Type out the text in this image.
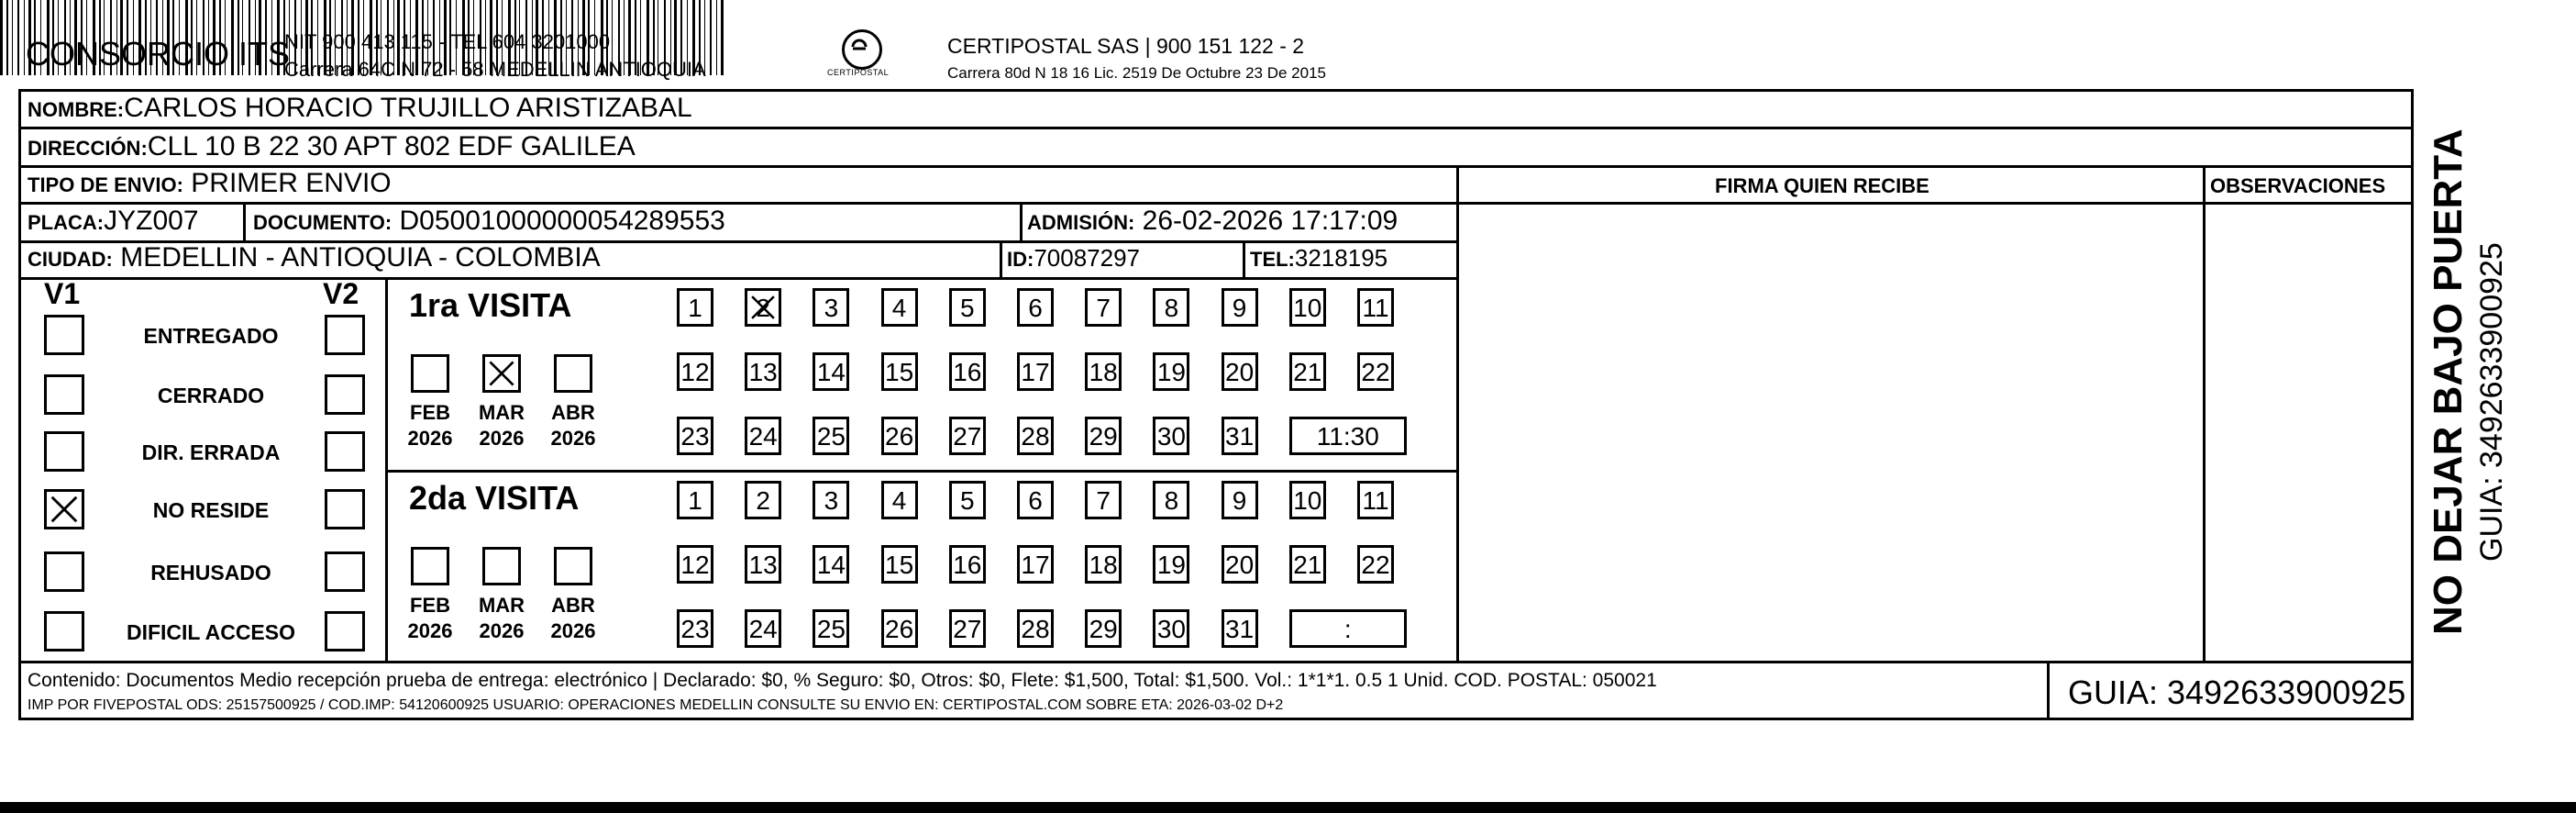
CONSORCIO ITS
NIT 900 413 115 - TEL 604 3201000
Carrera 64C N 72 - 58 MEDELLIN ANTIOQUIA	CERTIPOSTAL
CERTIPOSTAL SAS | 900 151 122 - 2
Carrera 80d N 18 16 Lic. 2519 De Octubre 23 De 2015
NOMBRE:CARLOS HORACIO TRUJILLO ARISTIZABAL
DIRECCIÓN:CLL 10 B 22 30 APT 802 EDF GALILEA
TIPO DE ENVIO: PRIMER ENVIO	FIRMA QUIEN RECIBE	OBSERVACIONES
PLACA:JYZ007	DOCUMENTO: D05001000000054289553	ADMISIÓN: 26-02-2026 17:17:09
CIUDAD: MEDELLIN - ANTIOQUIA - COLOMBIA	ID:70087297	TEL:3218195
V1	V2
ENTREGADO
CERRADO
DIR. ERRADA
NO RESIDE
REHUSADO
DIFICIL ACCESO
1ra VISITA
2da VISITA
FEB
2026
MAR
2026
ABR
2026
1	2	3	4	5	6	7	8	9	10 11
12 13 14 15 16 17 18 19 20 21 22
23 24 25 26 27 28 29 30 31	11:30
FEB
2026
MAR
2026
ABR
2026
1	2	3	4	5	6	7	8	9	10 11
12 13 14 15 16 17 18 19 20 21 22
23 24 25 26 27 28 29 30 31	:
Contenido: Documentos Medio recepción prueba de entrega: electrónico | Declarado: $0, % Seguro: $0, Otros: $0, Flete: $1,500, Total: $1,500. Vol.: 1*1*1. 0.5 1 Unid. COD. POSTAL: 050021
IMP POR FIVEPOSTAL ODS: 25157500925 / COD.IMP: 54120600925 USUARIO: OPERACIONES MEDELLIN CONSULTE SU ENVIO EN: CERTIPOSTAL.COM SOBRE ETA: 2026-03-02 D+2	GUIA: 3492633900925
NO DEJAR BAJO PUERTA GUIA: 3492633900925
